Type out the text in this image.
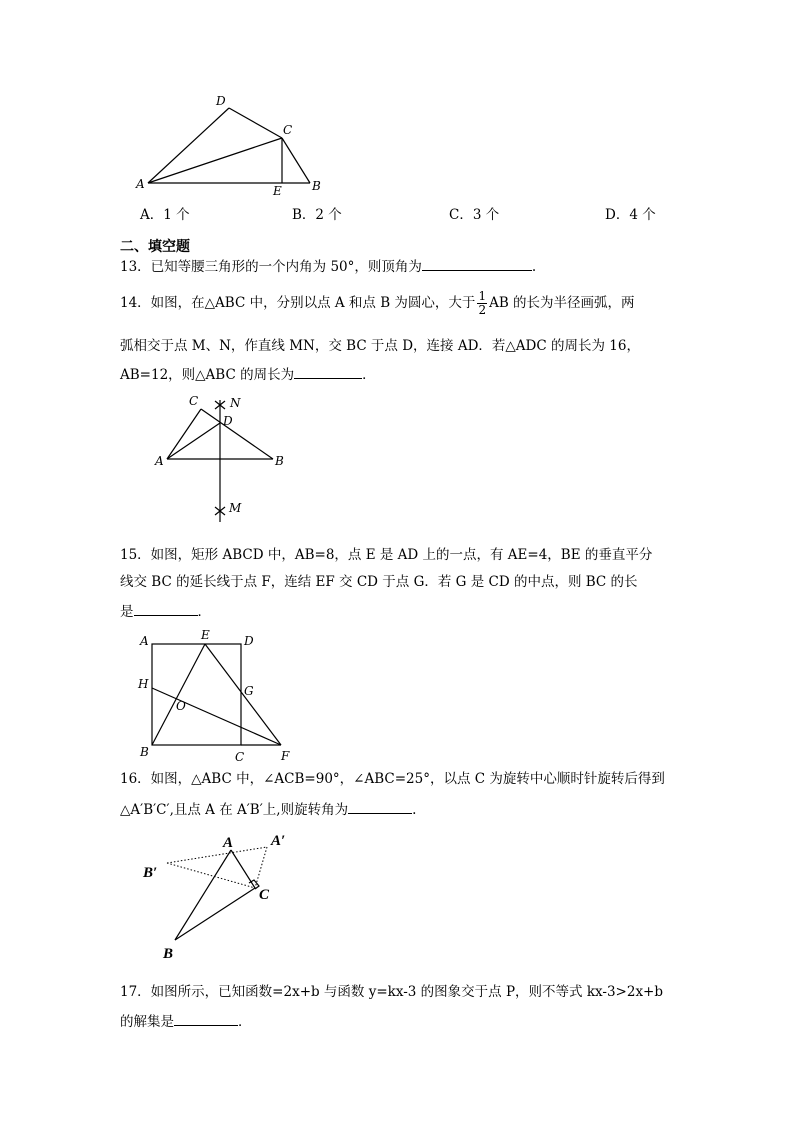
D
C
A	E	B
A．1 个	B．2 个	C．3 个	D．4 个
二、填空题
13．已知等腰三角形的一个内角为 50°，则顶角为	.
14．如图，在△ABC 中，分别以点 A 和点 B 为圆心，大于 $\frac{1}{2}$ AB 的长为半径画弧，两
弧相交于点 M、N，作直线 MN，交 BC 于点 D，连接 AD．若△ADC 的周长为 16，
AB=12，则△ABC 的周长为	．
C	N
D
A	B
M
15．如图，矩形 ABCD 中，AB=8，点 E 是 AD 上的一点，有 AE=4，BE 的垂直平分
线交 BC 的延长线于点 F，连结 EF 交 CD 于点 G．若 G 是 CD 的中点，则 BC 的长
是	．
A	E	D
H	G
O
B	C	F
16．如图，△ABC 中，∠ACB=90°，∠ABC=25°，以点 C 为旋转中心顺时针旋转后得到
△A′B′C′,且点 A 在 A′B′上,则旋转角为	.
A	A′
B′
C
B
17．如图所示，已知函数=2x+b 与函数 y=kx-3 的图象交于点 P，则不等式 kx-3>2x+b
的解集是	．
